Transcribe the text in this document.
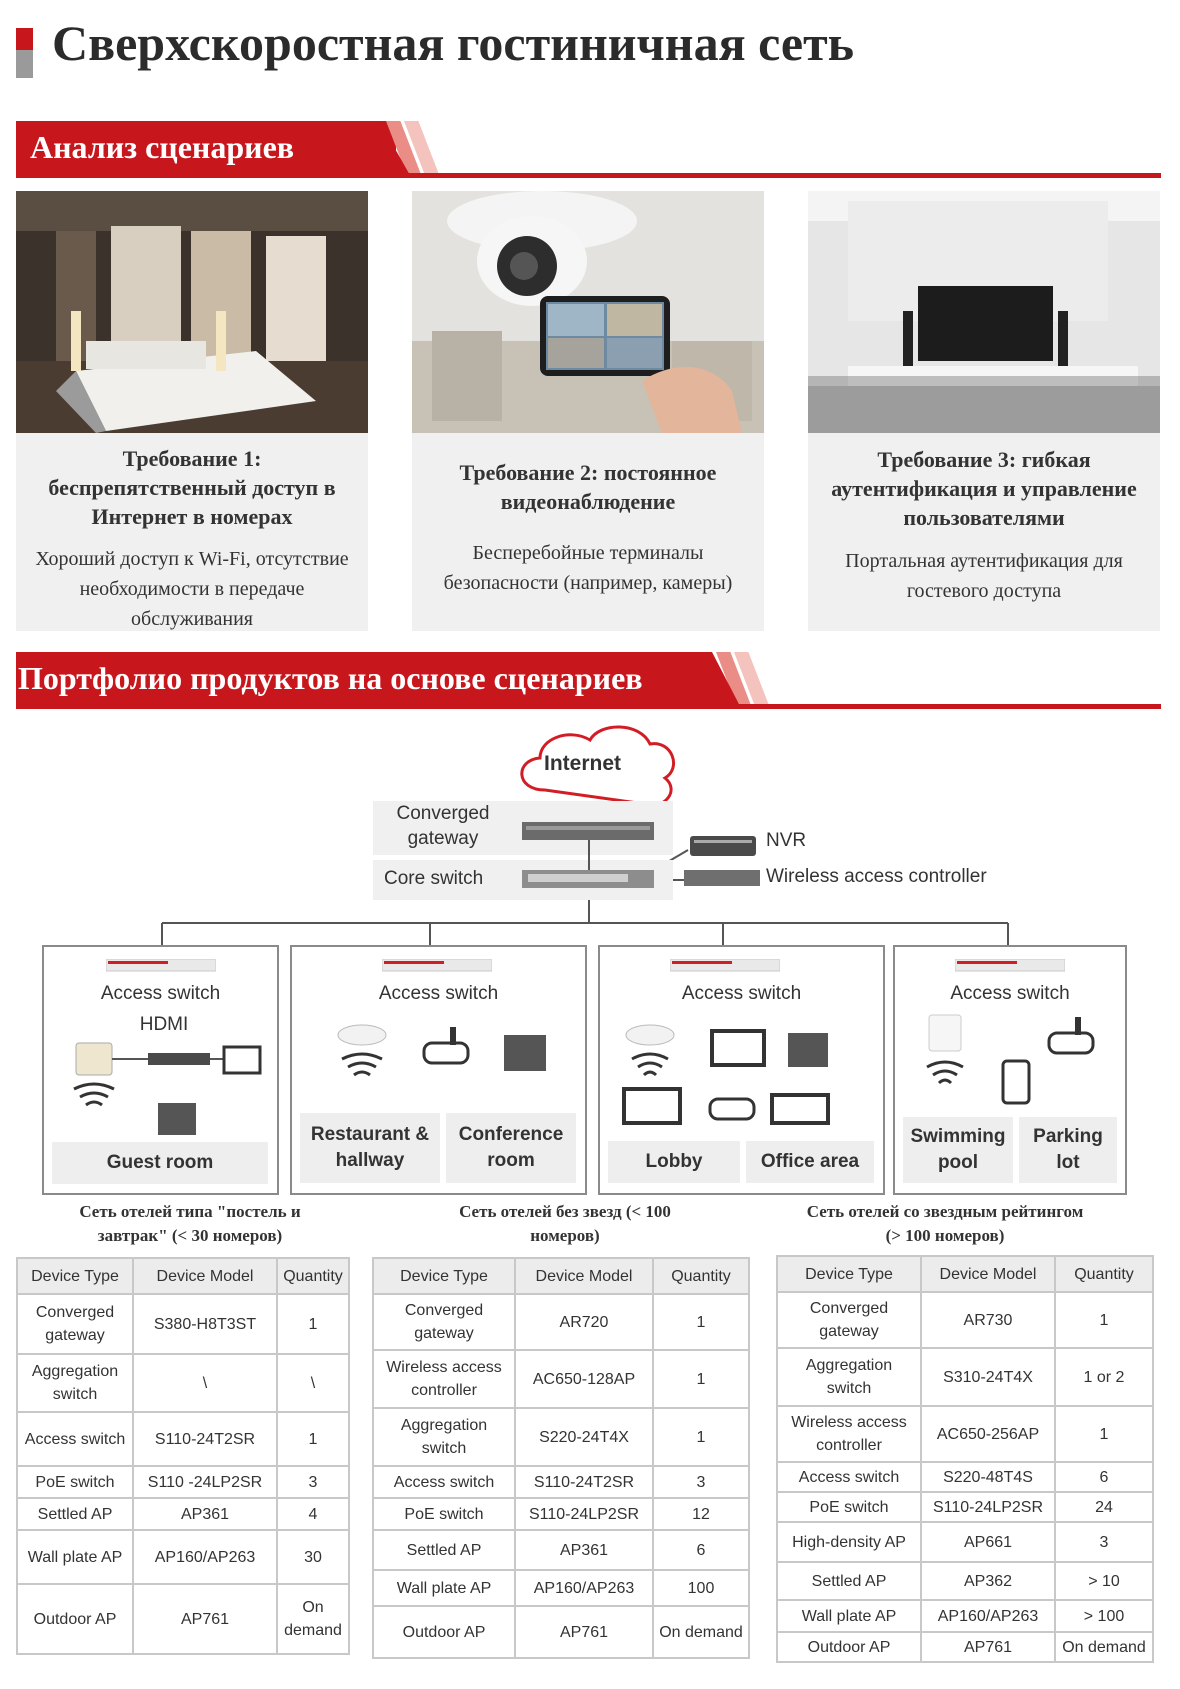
Сверхскоростная гостиничная сеть
Анализ сценариев
Требование 1: беспрепятственный доступ в Интернет в номерах
Хороший доступ к Wi-Fi, отсутствие необходимости в передаче обслуживания
Требование 2: постоянное видеонаблюдение
Бесперебойные терминалы безопасности (например, камеры)
Требование 3: гибкая аутентификация и управление пользователями
Портальная аутентификация для гостевого доступа
Портфолио продуктов на основе сценариев
Internet
Converged gateway
Core switch
NVR
Wireless access controller
Access switch
HDMI
Guest room
Access switch
Restaurant & hallway
Conference room
Access switch
Lobby	Office area
Access switch
Swimming pool
Parking lot
Сеть отелей типа "постель и завтрак" (< 30 номеров)
Сеть отелей без звезд (< 100 номеров)
Сеть отелей со звездным рейтингом (> 100 номеров)
Device Type	Device Model	Quantity
Converged gateway	S380-H8T3ST	1
Aggregation switch	\	\
Access switch	S110-24T2SR	1
PoE switch	S110 -24LP2SR	3
Settled AP	AP361	4
Wall plate AP	AP160/AP263	30
Outdoor AP	AP761	On demand
Device Type	Device Model	Quantity
Converged gateway	AR720	1
Wireless access controller	AC650-128AP	1
Aggregation switch	S220-24T4X	1
Access switch	S110-24T2SR	3
PoE switch	S110-24LP2SR	12
Settled AP	AP361	6
Wall plate AP	AP160/AP263	100
Outdoor AP	AP761	On demand
Device Type	Device Model	Quantity
Converged gateway	AR730	1
Aggregation switch	S310-24T4X	1 or 2
Wireless access controller	AC650-256AP	1
Access switch	S220-48T4S	6
PoE switch	S110-24LP2SR	24
High-density AP	AP661	3
Settled AP	AP362	> 10
Wall plate AP	AP160/AP263	> 100
Outdoor AP	AP761	On demand
